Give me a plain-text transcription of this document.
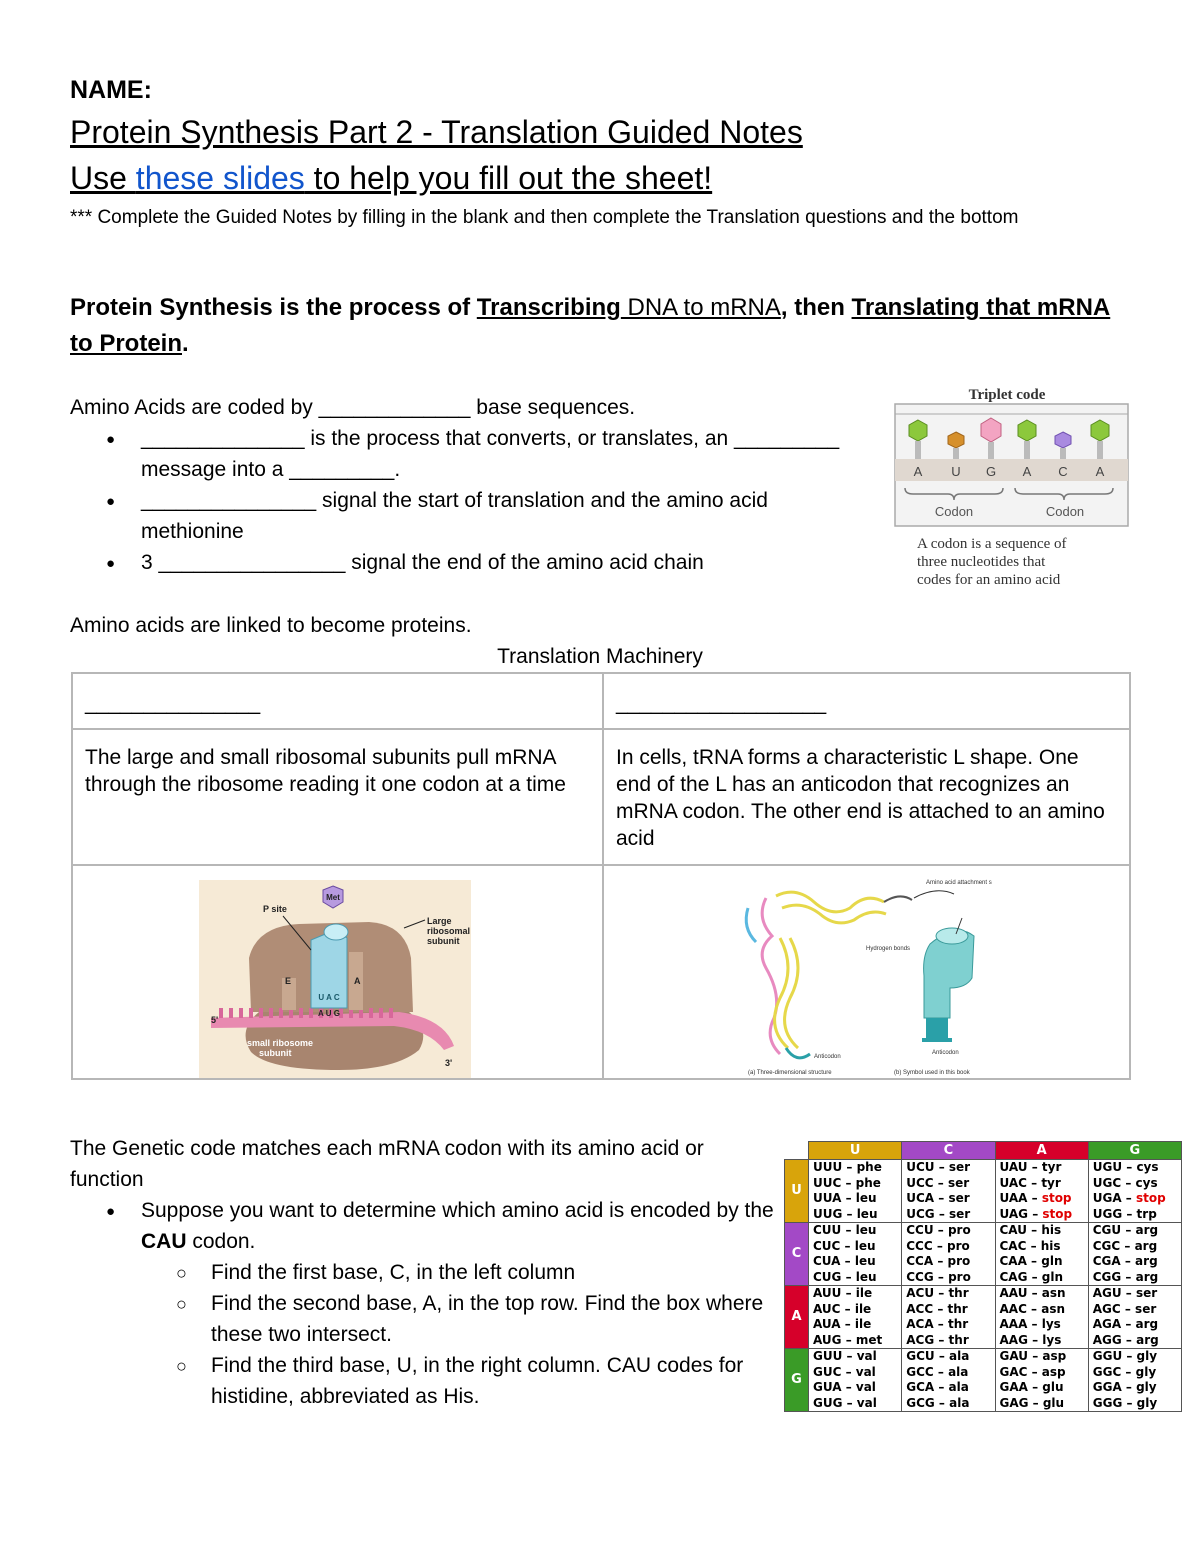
NAME:
Protein Synthesis Part 2 - Translation Guided Notes
Use these slides to help you fill out the sheet!
*** Complete the Guided Notes by filling in the blank and then complete the Translation questions and the bottom
Protein Synthesis is the process of Transcribing DNA to mRNA, then Translating that mRNA to Protein.
Amino Acids are coded by _____________ base sequences.
● ______________ is the process that converts, or translates, an _________ message into a _________.
● _______________ signal the start of translation and the amino acid methionine
● 3 ________________ signal the end of the amino acid chain
Triplet code
A U G A C A
Codon	Codon
A codon is a sequence of
three nucleotides that
codes for an amino acid
Amino acids are linked to become proteins.
Translation Machinery
_______________	__________________
The large and small ribosomal subunits pull mRNA through the ribosome reading it one codon at a time	In cells, tRNA forms a characteristic L shape. One end of the L has an anticodon that recognizes an mRNA codon. The other end is attached to an amino acid

Met
P site
Large
ribosomal
subunit
E	A
U A C
A U G
5'
3'
small ribosome
subunit
Amino acid attachment site
Hydrogen bonds
Anticodon
Anticodon
(a) Three-dimensional structure	(b) Symbol used in this book
The Genetic code matches each mRNA codon with its amino acid or function
● Suppose you want to determine which amino acid is encoded by the CAU codon.
○ Find the first base, C, in the left column
○ Find the second base, A, in the top row. Find the box where these two intersect.
○ Find the third base, U, in the right column. CAU codes for histidine, abbreviated as His.
	U	C	A	G
U	UUU – phe	UCU – ser	UAU – tyr	UGU – cys
	UUC – phe	UCC – ser	UAC – tyr	UGC – cys
	UUA – leu	UCA – ser	UAA – stop	UGA – stop
	UUG – leu	UCG – ser	UAG – stop	UGG – trp
C	CUU – leu	CCU – pro	CAU – his	CGU – arg
	CUC – leu	CCC – pro	CAC – his	CGC – arg
	CUA – leu	CCA – pro	CAA – gln	CGA – arg
	CUG – leu	CCG – pro	CAG – gln	CGG – arg
A	AUU – ile	ACU – thr	AAU – asn	AGU – ser
	AUC – ile	ACC – thr	AAC – asn	AGC – ser
	AUA – ile	ACA – thr	AAA – lys	AGA – arg
	AUG – met	ACG – thr	AAG – lys	AGG – arg
G	GUU – val	GCU – ala	GAU – asp	GGU – gly
	GUC – val	GCC – ala	GAC – asp	GGC – gly
	GUA – val	GCA – ala	GAA – glu	GGA – gly
	GUG – val	GCG – ala	GAG – glu	GGG – gly
